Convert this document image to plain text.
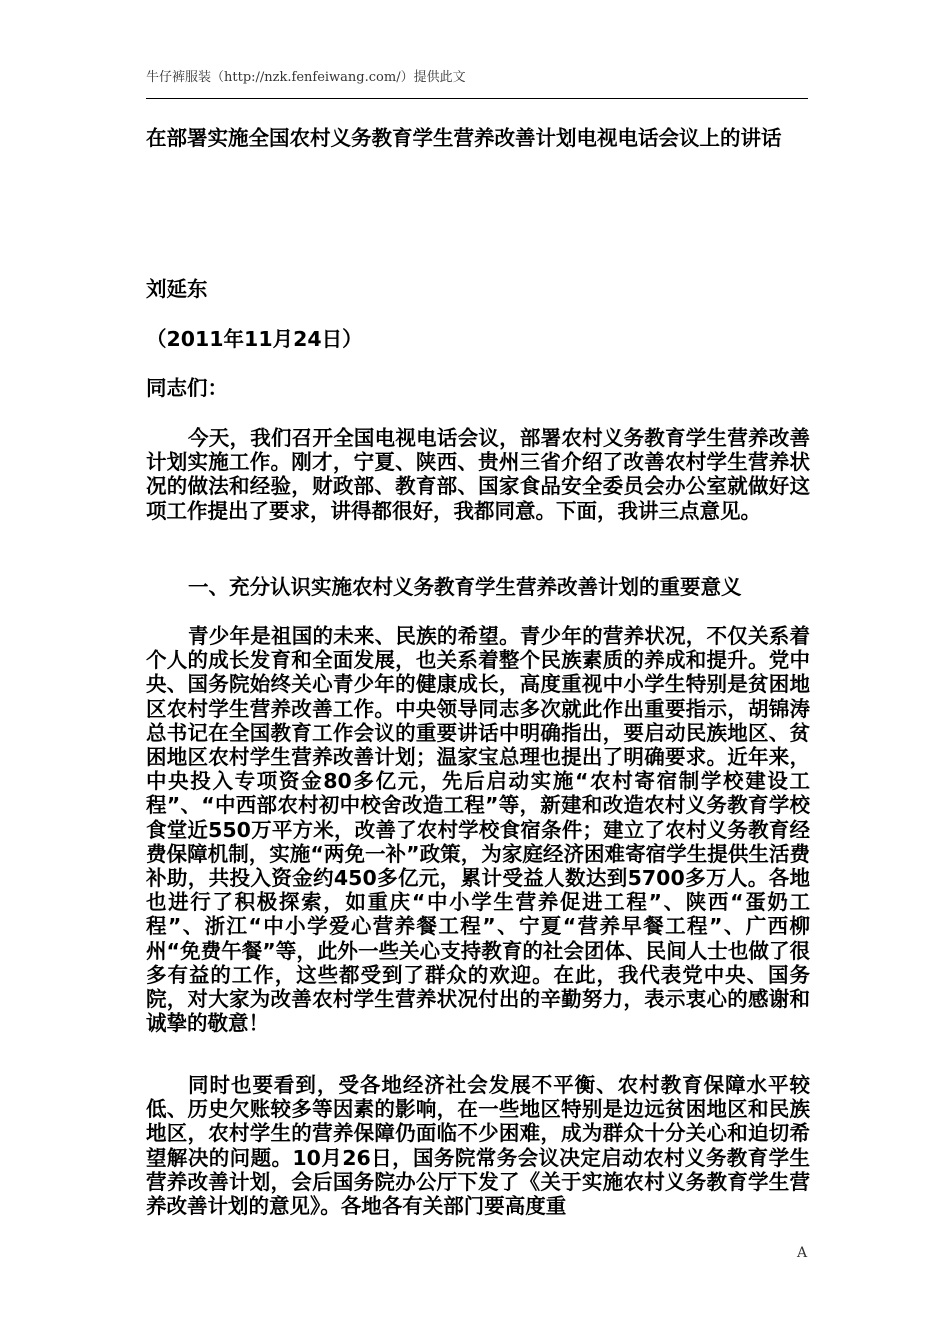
牛仔裤服装（http://nzk.fenfeiwang.com/）提供此文
在部署实施全国农村义务教育学生营养改善计划电视电话会议上的讲话
刘延东
（2011年11月24日）
同志们：
今天，我们召开全国电视电话会议，部署农村义务教育学生营养改善计划实施工作。刚才，宁夏、陕西、贵州三省介绍了改善农村学生营养状况的做法和经验，财政部、教育部、国家食品安全委员会办公室就做好这项工作提出了要求，讲得都很好，我都同意。下面，我讲三点意见。
一、充分认识实施农村义务教育学生营养改善计划的重要意义
青少年是祖国的未来、民族的希望。青少年的营养状况，不仅关系着个人的成长发育和全面发展，也关系着整个民族素质的养成和提升。党中央、国务院始终关心青少年的健康成长，高度重视中小学生特别是贫困地区农村学生营养改善工作。中央领导同志多次就此作出重要指示，胡锦涛总书记在全国教育工作会议的重要讲话中明确指出，要启动民族地区、贫困地区农村学生营养改善计划；温家宝总理也提出了明确要求。近年来，中央投入专项资金80多亿元，先后启动实施“农村寄宿制学校建设工程”、“中西部农村初中校舍改造工程”等，新建和改造农村义务教育学校食堂近550万平方米，改善了农村学校食宿条件；建立了农村义务教育经费保障机制，实施“两免一补”政策，为家庭经济困难寄宿学生提供生活费补助，共投入资金约450多亿元，累计受益人数达到5700多万人。各地也进行了积极探索，如重庆“中小学生营养促进工程”、陕西“蛋奶工程”、浙江“中小学爱心营养餐工程”、宁夏“营养早餐工程”、广西柳州“免费午餐”等，此外一些关心支持教育的社会团体、民间人士也做了很多有益的工作，这些都受到了群众的欢迎。在此，我代表党中央、国务院，对大家为改善农村学生营养状况付出的辛勤努力，表示衷心的感谢和诚挚的敬意！
同时也要看到，受各地经济社会发展不平衡、农村教育保障水平较低、历史欠账较多等因素的影响，在一些地区特别是边远贫困地区和民族地区，农村学生的营养保障仍面临不少困难，成为群众十分关心和迫切希望解决的问题。10月26日，国务院常务会议决定启动农村义务教育学生营养改善计划，会后国务院办公厅下发了《关于实施农村义务教育学生营养改善计划的意见》。各地各有关部门要高度重
A
